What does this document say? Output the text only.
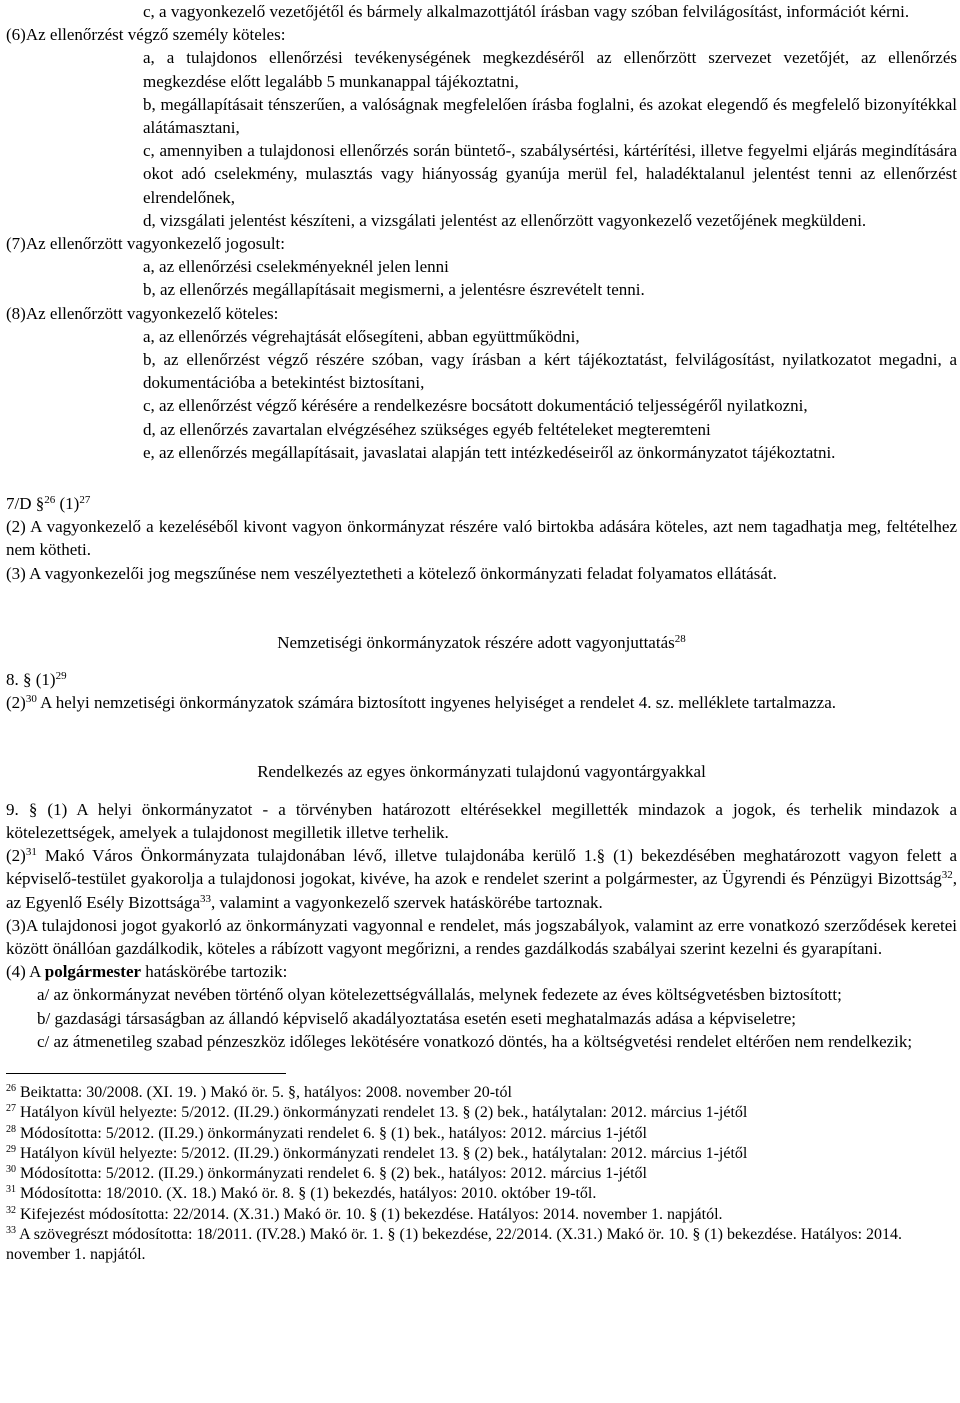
c, a vagyonkezelő vezetőjétől és bármely alkalmazottjától írásban vagy szóban felvilágosítást, információt kérni.

(6)Az ellenőrzést végző személy köteles:

a, a tulajdonos ellenőrzési tevékenységének megkezdéséről az ellenőrzött szervezet vezetőjét, az ellenőrzés megkezdése előtt legalább 5 munkanappal tájékoztatni,

b, megállapításait ténszerűen, a valóságnak megfelelően írásba foglalni, és azokat elegendő és megfelelő bizonyítékkal alátámasztani,

c, amennyiben a tulajdonosi ellenőrzés során büntető-, szabálysértési, kártérítési, illetve fegyelmi eljárás megindítására okot adó cselekmény, mulasztás vagy hiányosság gyanúja merül fel, haladéktalanul jelentést tenni az ellenőrzést elrendelőnek,

d, vizsgálati jelentést készíteni, a vizsgálati jelentést az ellenőrzött vagyonkezelő vezetőjének megküldeni.

(7)Az ellenőrzött vagyonkezelő jogosult:

a, az ellenőrzési cselekményeknél jelen lenni

b, az ellenőrzés megállapításait megismerni, a jelentésre észrevételt tenni.

(8)Az ellenőrzött vagyonkezelő köteles:

a, az ellenőrzés végrehajtását elősegíteni, abban együttműködni,

b, az ellenőrzést végző részére szóban, vagy írásban a kért tájékoztatást, felvilágosítást, nyilatkozatot megadni, a dokumentációba a betekintést biztosítani,

c, az ellenőrzést végző kérésére a rendelkezésre bocsátott dokumentáció teljességéről nyilatkozni,

d, az ellenőrzés zavartalan elvégzéséhez szükséges egyéb feltételeket megteremteni

e, az ellenőrzés megállapításait, javaslatai alapján tett intézkedéseiről az önkormányzatot tájékoztatni.

7/D §$^{26}$ $(1)^{27}$

(2) A vagyonkezelő a kezeléséből kivont vagyon önkormányzat részére való birtokba adására köteles, azt nem tagadhatja meg, feltételhez nem kötheti.

(3) A vagyonkezelői jog megszűnése nem veszélyeztetheti a kötelező önkormányzati feladat folyamatos ellátását.

Nemzetiségi önkormányzatok részére adott vagyonjuttatás$^{28}$

8. § $(1)^{29}$

$(2)^{30}$ A helyi nemzetiségi önkormányzatok számára biztosított ingyenes helyiséget a rendelet 4. sz. melléklete tartalmazza.

Rendelkezés az egyes önkormányzati tulajdonú vagyontárgyakkal

9. § (1) A helyi önkormányzatot - a törvényben határozott eltérésekkel megillették mindazok a jogok, és terhelik mindazok a kötelezettségek, amelyek a tulajdonost megilletik illetve terhelik.

$(2)^{31}$ Makó Város Önkormányzata tulajdonában lévő, illetve tulajdonába kerülő 1.§ (1) bekezdésében meghatározott vagyon felett a képviselő-testület gyakorolja a tulajdonosi jogokat, kivéve, ha azok e rendelet szerint a polgármester, az Ügyrendi és Pénzügyi Bizottság$^{32}$, az Egyenlő Esély Bizottsága$^{33}$, valamint a vagyonkezelő szervek hatáskörébe tartoznak.

(3)A tulajdonosi jogot gyakorló az önkormányzati vagyonnal e rendelet, más jogszabályok, valamint az erre vonatkozó szerződések keretei között önállóan gazdálkodik, köteles a rábízott vagyont megőrizni, a rendes gazdálkodás szabályai szerint kezelni és gyarapítani.

(4) A polgármester hatáskörébe tartozik:

a/ az önkormányzat nevében történő olyan kötelezettségvállalás, melynek fedezete az éves költségvetésben biztosított;

b/ gazdasági társaságban az állandó képviselő akadályoztatása esetén eseti meghatalmazás adása a képviseletre;

c/ az átmenetileg szabad pénzeszköz időleges lekötésére vonatkozó döntés, ha a költségvetési rendelet eltérően nem rendelkezik;

$^{26}$ Beiktatta: 30/2008. (XI. 19. ) Makó ör. 5. §, hatályos: 2008. november 20-tól

$^{27}$ Hatályon kívül helyezte: 5/2012. (II.29.) önkormányzati rendelet 13. § (2) bek., hatálytalan: 2012. március 1-jétől

$^{28}$ Módosította: 5/2012. (II.29.) önkormányzati rendelet 6. § (1) bek., hatályos: 2012. március 1-jétől

$^{29}$ Hatályon kívül helyezte: 5/2012. (II.29.) önkormányzati rendelet 13. § (2) bek., hatálytalan: 2012. március 1-jétől

$^{30}$ Módosította: 5/2012. (II.29.) önkormányzati rendelet 6. § (2) bek., hatályos: 2012. március 1-jétől

$^{31}$ Módosította: 18/2010. (X. 18.) Makó ör. 8. § (1) bekezdés, hatályos: 2010. október 19-től.

$^{32}$ Kifejezést módosította: 22/2014. (X.31.) Makó ör. 10. § (1) bekezdése. Hatályos: 2014. november 1. napjától.

$^{33}$ A szövegrészt módosította: 18/2011. (IV.28.) Makó ör. 1. § (1) bekezdése, 22/2014. (X.31.) Makó ör. 10. § (1) bekezdése. Hatályos: 2014. november 1. napjától.
